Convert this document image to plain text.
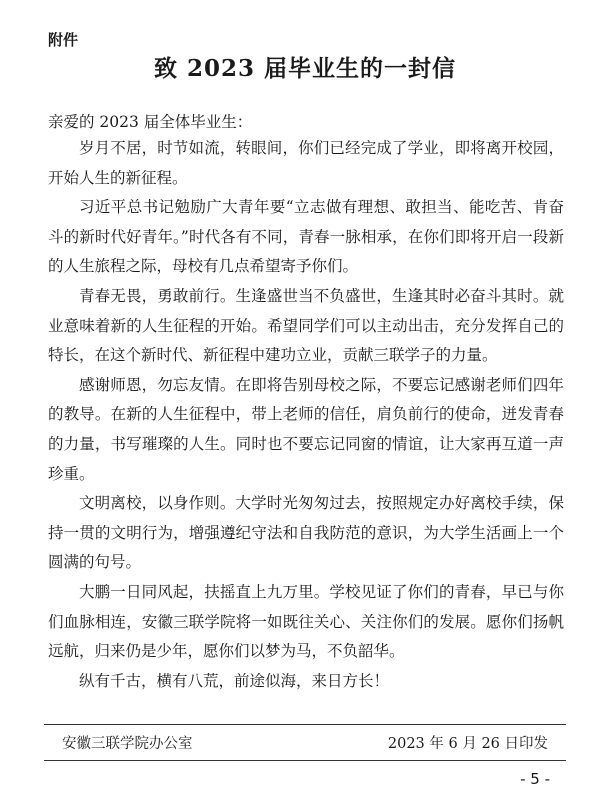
附件
致 2023 届毕业生的一封信
亲爱的 2023 届全体毕业生：

岁月不居，时节如流，转眼间，你们已经完成了学业，即将离开校园，开始人生的新征程。

习近平总书记勉励广大青年要“立志做有理想、敢担当、能吃苦、肯奋斗的新时代好青年。”时代各有不同，青春一脉相承，在你们即将开启一段新的人生旅程之际，母校有几点希望寄予你们。

青春无畏，勇敢前行。生逢盛世当不负盛世，生逢其时必奋斗其时。就业意味着新的人生征程的开始。希望同学们可以主动出击，充分发挥自己的特长，在这个新时代、新征程中建功立业，贡献三联学子的力量。

感谢师恩，勿忘友情。在即将告别母校之际，不要忘记感谢老师们四年的教导。在新的人生征程中，带上老师的信任，肩负前行的使命，迸发青春的力量，书写璀璨的人生。同时也不要忘记同窗的情谊，让大家再互道一声珍重。

文明离校，以身作则。大学时光匆匆过去，按照规定办好离校手续，保持一贯的文明行为，增强遵纪守法和自我防范的意识，为大学生活画上一个圆满的句号。

大鹏一日同风起，扶摇直上九万里。学校见证了你们的青春，早已与你们血脉相连，安徽三联学院将一如既往关心、关注你们的发展。愿你们扬帆远航，归来仍是少年，愿你们以梦为马，不负韶华。

纵有千古，横有八荒，前途似海，来日方长！

安徽三联学院办公室	2023 年 6 月 26 日印发
- 5 -
